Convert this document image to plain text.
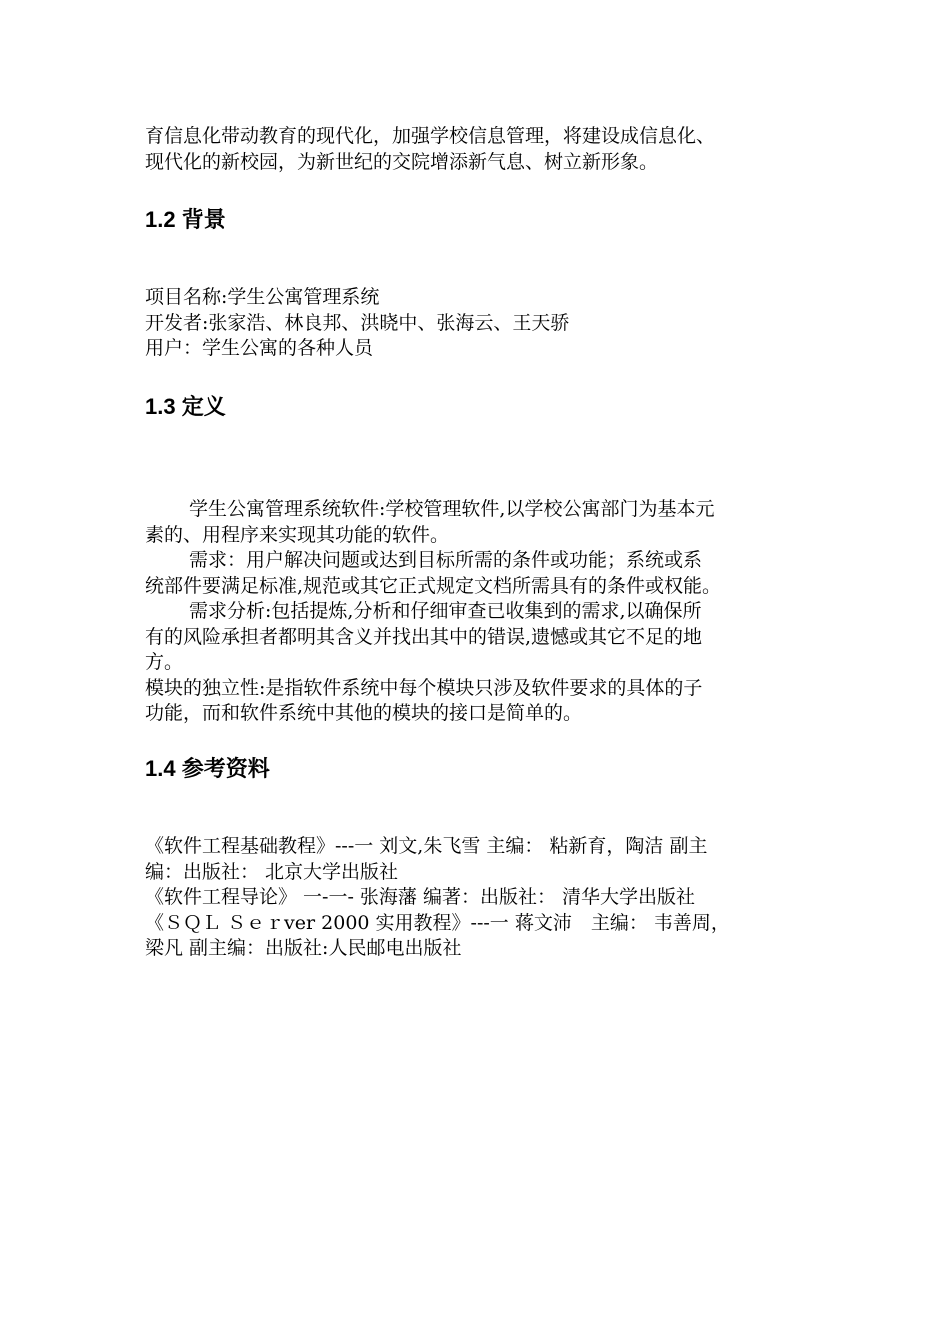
育信息化带动教育的现代化，加强学校信息管理，将建设成信息化、
现代化的新校园，为新世纪的交院增添新气息、树立新形象。
1.2 背景
项目名称:学生公寓管理系统
开发者:张家浩、林良邦、洪晓中、张海云、王天骄
用户：学生公寓的各种人员
1.3 定义
学生公寓管理系统软件:学校管理软件,以学校公寓部门为基本元
素的、用程序来实现其功能的软件。
需求：用户解决问题或达到目标所需的条件或功能；系统或系
统部件要满足标准,规范或其它正式规定文档所需具有的条件或权能。
需求分析:包括提炼,分析和仔细审查已收集到的需求,以确保所
有的风险承担者都明其含义并找出其中的错误,遗憾或其它不足的地
方。
模块的独立性:是指软件系统中每个模块只涉及软件要求的具体的子
功能，而和软件系统中其他的模块的接口是简单的。
1.4 参考资料
《软件工程基础教程》---一 刘文,朱飞雪 主编： 粘新育，陶洁 副主
编：出版社： 北京大学出版社
《软件工程导论》 一-一- 张海藩 编著：出版社： 清华大学出版社
《ＳＱＬ Ｓｅｒver 2000 实用教程》---一 蒋文沛　主编： 韦善周，
梁凡 副主编：出版社:人民邮电出版社
